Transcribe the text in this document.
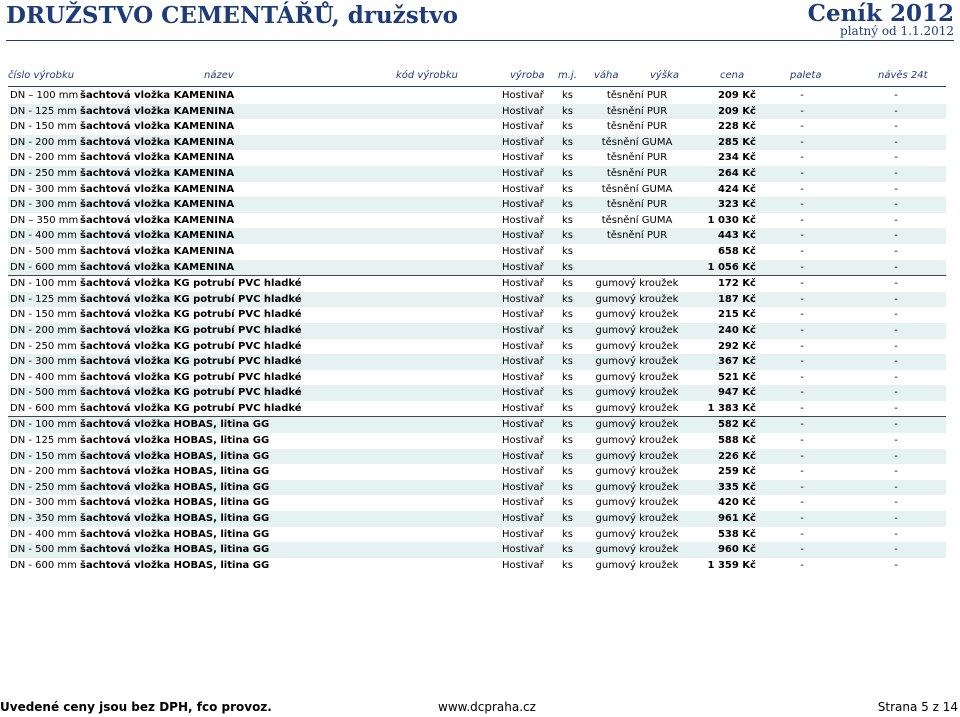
DRUŽSTVO CEMENTÁŘŮ, družstvo	Ceník 2012
platný od 1.1.2012
číslo výrobku	název	kód výrobku	výroba m.j. váha	výška	cena	paleta	návěs 24t
DN – 100 mm šachtová vložka KAMENINA	Hostivař ks	těsnění PUR	209 Kč	-	-
DN - 125 mm šachtová vložka KAMENINA	Hostivař ks	těsnění PUR	209 Kč	-	-
DN - 150 mm šachtová vložka KAMENINA	Hostivař ks	těsnění PUR	228 Kč	-	-
DN - 200 mm šachtová vložka KAMENINA	Hostivař ks	těsnění GUMA	285 Kč	-	-
DN - 200 mm šachtová vložka KAMENINA	Hostivař ks	těsnění PUR	234 Kč	-	-
DN - 250 mm šachtová vložka KAMENINA	Hostivař ks	těsnění PUR	264 Kč	-	-
DN - 300 mm šachtová vložka KAMENINA	Hostivař ks	těsnění GUMA	424 Kč	-	-
DN - 300 mm šachtová vložka KAMENINA	Hostivař ks	těsnění PUR	323 Kč	-	-
DN – 350 mm šachtová vložka KAMENINA	Hostivař ks	těsnění GUMA	1 030 Kč	-	-
DN - 400 mm šachtová vložka KAMENINA	Hostivař ks	těsnění PUR	443 Kč	-	-
DN - 500 mm šachtová vložka KAMENINA	Hostivař ks	658 Kč	-	-
DN - 600 mm šachtová vložka KAMENINA	Hostivař ks	1 056 Kč	-	-
DN - 100 mm šachtová vložka KG potrubí PVC hladké	Hostivař ks	gumový kroužek	172 Kč	-	-
DN - 125 mm šachtová vložka KG potrubí PVC hladké	Hostivař ks	gumový kroužek	187 Kč	-	-
DN - 150 mm šachtová vložka KG potrubí PVC hladké	Hostivař ks	gumový kroužek	215 Kč	-	-
DN - 200 mm šachtová vložka KG potrubí PVC hladké	Hostivař ks	gumový kroužek	240 Kč	-	-
DN - 250 mm šachtová vložka KG potrubí PVC hladké	Hostivař ks	gumový kroužek	292 Kč	-	-
DN - 300 mm šachtová vložka KG potrubí PVC hladké	Hostivař ks	gumový kroužek	367 Kč	-	-
DN - 400 mm šachtová vložka KG potrubí PVC hladké	Hostivař ks	gumový kroužek	521 Kč	-	-
DN - 500 mm šachtová vložka KG potrubí PVC hladké	Hostivař ks	gumový kroužek	947 Kč	-	-
DN - 600 mm šachtová vložka KG potrubí PVC hladké	Hostivař ks	gumový kroužek	1 383 Kč	-	-
DN - 100 mm šachtová vložka HOBAS, litina GG	Hostivař ks	gumový kroužek	582 Kč	-	-
DN - 125 mm šachtová vložka HOBAS, litina GG	Hostivař ks	gumový kroužek	588 Kč	-	-
DN - 150 mm šachtová vložka HOBAS, litina GG	Hostivař ks	gumový kroužek	226 Kč	-	-
DN - 200 mm šachtová vložka HOBAS, litina GG	Hostivař ks	gumový kroužek	259 Kč	-	-
DN - 250 mm šachtová vložka HOBAS, litina GG	Hostivař ks	gumový kroužek	335 Kč	-	-
DN - 300 mm šachtová vložka HOBAS, litina GG	Hostivař ks	gumový kroužek	420 Kč	-	-
DN - 350 mm šachtová vložka HOBAS, litina GG	Hostivař ks	gumový kroužek	961 Kč	-	-
DN - 400 mm šachtová vložka HOBAS, litina GG	Hostivař ks	gumový kroužek	538 Kč	-	-
DN - 500 mm šachtová vložka HOBAS, litina GG	Hostivař ks	gumový kroužek	960 Kč	-	-
DN - 600 mm šachtová vložka HOBAS, litina GG	Hostivař ks	gumový kroužek	1 359 Kč	-	-
Uvedené ceny jsou bez DPH, fco provoz.	www.dcpraha.cz	Strana 5 z 14
